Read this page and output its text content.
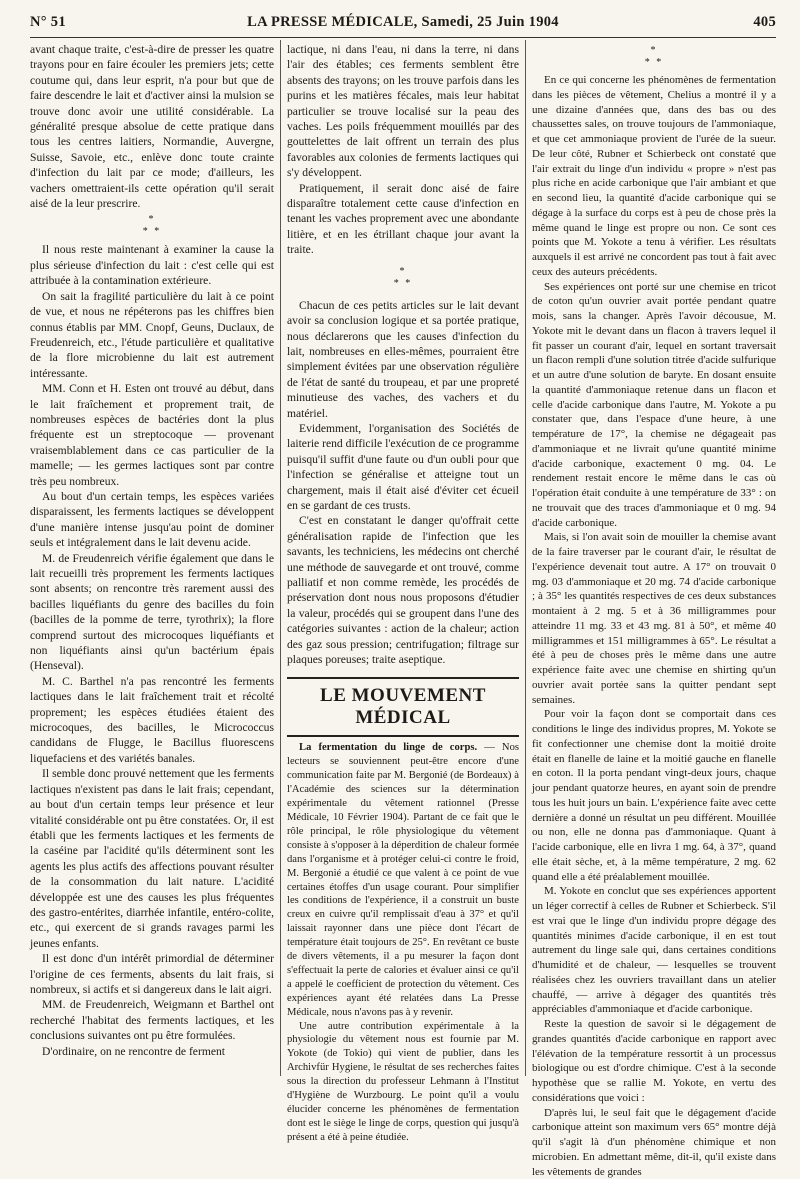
N° 51	LA PRESSE MÉDICALE, Samedi, 25 Juin 1904	405

avant chaque traite, c'est-à-dire de presser les quatre trayons pour en faire écouler les premiers jets; cette coutume qui, dans leur esprit, n'a pour but que de faire descendre le lait et d'activer ainsi la mulsion se trouve donc avoir une utilité considérable. La généralité presque absolue de cette pratique dans tous les centres laitiers, Normandie, Auvergne, Suisse, Savoie, etc., enlève donc toute crainte d'infection du lait par ce mode; d'ailleurs, les vachers omettraient-ils cette opération qu'il serait aisé de la leur prescrire.

*
* *

Il nous reste maintenant à examiner la cause la plus sérieuse d'infection du lait : c'est celle qui est attribuée à la contamination extérieure.

On sait la fragilité particulière du lait à ce point de vue, et nous ne répéterons pas les chiffres bien connus établis par MM. Cnopf, Geuns, Duclaux, de Freudenreich, etc., l'étude particulière et qualitative de la flore microbienne du lait est autrement intéressante.

MM. Conn et H. Esten ont trouvé au début, dans le lait fraîchement et proprement trait, de nombreuses espèces de bactéries dont la plus fréquente est un streptocoque — provenant vraisemblablement dans ce cas particulier de la mamelle; — les germes lactiques sont par contre très peu nombreux.

Au bout d'un certain temps, les espèces variées disparaissent, les ferments lactiques se développent d'une manière intense jusqu'au point de dominer seuls et intégralement dans le lait devenu acide.

M. de Freudenreich vérifie également que dans le lait recueilli très proprement les ferments lactiques sont absents; on rencontre très rarement aussi des bacilles liquéfiants du genre des bacilles du foin (bacilles de la pomme de terre, tyrothrix); la flore comprend surtout des microcoques liquéfiants et non liquéfiants ainsi qu'un bactérium épais (Henseval).

M. C. Barthel n'a pas rencontré les ferments lactiques dans le lait fraîchement trait et récolté proprement; les espèces étudiées étaient des microcoques, des bacilles, le Micrococcus candidans de Flugge, le Bacillus fluorescens liquefaciens et des variétés banales.

Il semble donc prouvé nettement que les ferments lactiques n'existent pas dans le lait frais; cependant, au bout d'un certain temps leur présence et leur vitalité considérable ont pu être constatées. Or, il est établi que les ferments lactiques et les ferments de la caséine par l'acidité qu'ils déterminent sont les agents les plus actifs des affections pouvant résulter de la consommation du lait nature. L'acidité développée est une des causes les plus fréquentes des gastro-entérites, diarrhée infantile, entéro-colite, etc., qui exercent de si grands ravages parmi les jeunes enfants.

Il est donc d'un intérêt primordial de déterminer l'origine de ces ferments, absents du lait frais, si nombreux, si actifs et si dangereux dans le lait aigri.

MM. de Freudenreich, Weigmann et Barthel ont recherché l'habitat des ferments lactiques, et les conclusions suivantes ont pu être formulées.

D'ordinaire, on ne rencontre de ferment

lactique, ni dans l'eau, ni dans la terre, ni dans l'air des étables; ces ferments semblent être absents des trayons; on les trouve parfois dans les purins et les matières fécales, mais leur habitat particulier se trouve localisé sur la peau des vaches. Les poils fréquemment mouillés par des gouttelettes de lait offrent un terrain des plus favorables aux colonies de ferments lactiques qui s'y développent.

Pratiquement, il serait donc aisé de faire disparaître totalement cette cause d'infection en tenant les vaches proprement avec une abondante litière, et en les étrillant chaque jour avant la traite.

*
* *

Chacun de ces petits articles sur le lait devant avoir sa conclusion logique et sa portée pratique, nous déclarerons que les causes d'infection du lait, nombreuses en elles-mêmes, pourraient être simplement évitées par une observation régulière de l'état de santé du troupeau, et par une propreté minutieuse des vaches, des vachers et du matériel.

Evidemment, l'organisation des Sociétés de laiterie rend difficile l'exécution de ce programme puisqu'il suffit d'une faute ou d'un oubli pour que l'infection se généralise et atteigne tout un chargement, mais il était aisé d'éviter cet écueil en se gardant de ces trusts.

C'est en constatant le danger qu'offrait cette généralisation rapide de l'infection que les savants, les techniciens, les médecins ont cherché une méthode de sauvegarde et ont trouvé, comme palliatif et non comme remède, les procédés de préservation dont nous nous proposons d'étudier la valeur, procédés qui se groupent dans l'une des catégories suivantes : action de la chaleur; action des gaz sous pression; centrifugation; filtrage sur plaques poreuses; traite aseptique.

LE MOUVEMENT MÉDICAL

La fermentation du linge de corps. — Nos lecteurs se souviennent peut-être encore d'une communication faite par M. Bergonié (de Bordeaux) à l'Académie des sciences sur la détermination expérimentale du vêtement rationnel (Presse Médicale, 10 Février 1904). Partant de ce fait que le rôle principal, le rôle physiologique du vêtement consiste à s'opposer à la déperdition de chaleur formée dans l'organisme et à protéger celui-ci contre le froid, M. Bergonié a étudié ce que valent à ce point de vue certaines étoffes d'un usage courant. Pour simplifier les conditions de l'expérience, il a construit un buste creux en cuivre qu'il remplissait d'eau à 37° et qu'il laissait rayonner dans une pièce dont l'écart de température était toujours de 25°. En revêtant ce buste de divers vêtements, il a pu mesurer la façon dont s'effectuait la perte de calories et évaluer ainsi ce qu'il a appelé le coefficient de protection du vêtement. Ces expériences ayant été relatées dans La Presse Médicale, nous n'avons pas à y revenir.

Une autre contribution expérimentale à la physiologie du vêtement nous est fournie par M. Yokote (de Tokio) qui vient de publier, dans les Archivfür Hygiene, le résultat de ses recherches faites sous la direction du professeur Lehmann à l'Institut d'Hygiène de Wurzbourg. Le point qu'il a voulu élucider concerne les phénomènes de fermentation dont est le siège le linge de corps, question qui jusqu'à présent a été à peine étudiée.

*
* *

En ce qui concerne les phénomènes de fermentation dans les pièces de vêtement, Chelius a montré il y a une dizaine d'années que, dans des bas ou des chaussettes sales, on trouve toujours de l'ammoniaque, et que cet ammoniaque provient de l'urée de la sueur. De leur côté, Rubner et Schierbeck ont constaté que l'air extrait du linge d'un individu « propre » n'est pas plus riche en acide carbonique que l'air ambiant et que en second lieu, la quantité d'acide carbonique qui se dégage à la surface du corps est à peu de chose près la même quand le linge est propre ou non. Ce sont ces points que M. Yokote a tenu à vérifier. Les résultats auxquels il est arrivé ne concordent pas tout à fait avec ceux des auteurs précédents.

Ses expériences ont porté sur une chemise en tricot de coton qu'un ouvrier avait portée pendant quatre mois, sans la changer. Après l'avoir décousue, M. Yokote mit le devant dans un flacon à travers lequel il fit passer un courant d'air, lequel en sortant traversait un flacon rempli d'une solution titrée d'acide sulfurique et un autre d'une solution de baryte. En dosant ensuite la quantité d'ammoniaque retenue dans un flacon et celle d'acide carbonique dans l'autre, M. Yokote a pu constater que, dans l'espace d'une heure, à une température de 17°, la chemise ne dégageait pas d'ammoniaque et ne livrait qu'une quantité minime d'acide carbonique, exactement 0 mg. 04. Le rendement restait encore le même dans le cas où l'opération était conduite à une température de 33° : on ne trouvait que des traces d'ammoniaque et 0 mg. 94 d'acide carbonique.

Mais, si l'on avait soin de mouiller la chemise avant de la faire traverser par le courant d'air, le résultat de l'expérience devenait tout autre. A 17° on trouvait 0 mg. 03 d'ammoniaque et 20 mg. 74 d'acide carbonique ; à 35° les quantités respectives de ces deux substances montaient à 2 mg. 5 et à 36 milligrammes pour atteindre 11 mg. 33 et 43 mg. 81 à 50°, et même 40 milligrammes et 151 milligrammes à 65°. Le résultat a été à peu de choses près le même dans une autre expérience faite avec une chemise en shirting qu'un ouvrier avait portée sans la quitter pendant sept semaines.

Pour voir la façon dont se comportait dans ces conditions le linge des individus propres, M. Yokote se fit confectionner une chemise dont la moitié droite était en flanelle de laine et la moitié gauche en flanelle en coton. Il la porta pendant vingt-deux jours, chaque jour pendant quatorze heures, en ayant soin de prendre tous les huit jours un bain. L'expérience faite avec cette dernière a donné un résultat un peu différent. Mouillée ou non, elle ne donna pas d'ammoniaque. Quant à l'acide carbonique, elle en livra 1 mg. 64, à 37°, quand elle était sèche, et, à la même température, 2 mg. 62 quand elle a été préalablement mouillée.

M. Yokote en conclut que ses expériences apportent un léger correctif à celles de Rubner et Schierbeck. S'il est vrai que le linge d'un individu propre dégage des quantités minimes d'acide carbonique, il en est tout autrement du linge sale qui, dans certaines conditions d'humidité et de chaleur, — lesquelles se trouvent réalisées chez les ouvriers travaillant dans un atelier chauffé, — arrive à dégager des quantités très appréciables d'ammoniaque et d'acide carbonique.

Reste la question de savoir si le dégagement de grandes quantités d'acide carbonique en rapport avec l'élévation de la température ressortit à un processus biologique ou est d'ordre chimique. C'est à la seconde hypothèse que se rallie M. Yokote, en vertu des considérations que voici :

D'après lui, le seul fait que le dégagement d'acide carbonique atteint son maximum vers 65° montre déjà qu'il s'agit là d'un phénomène chimique et non microbien. En admettant même, dit-il, qu'il existe dans les vêtements de grandes
